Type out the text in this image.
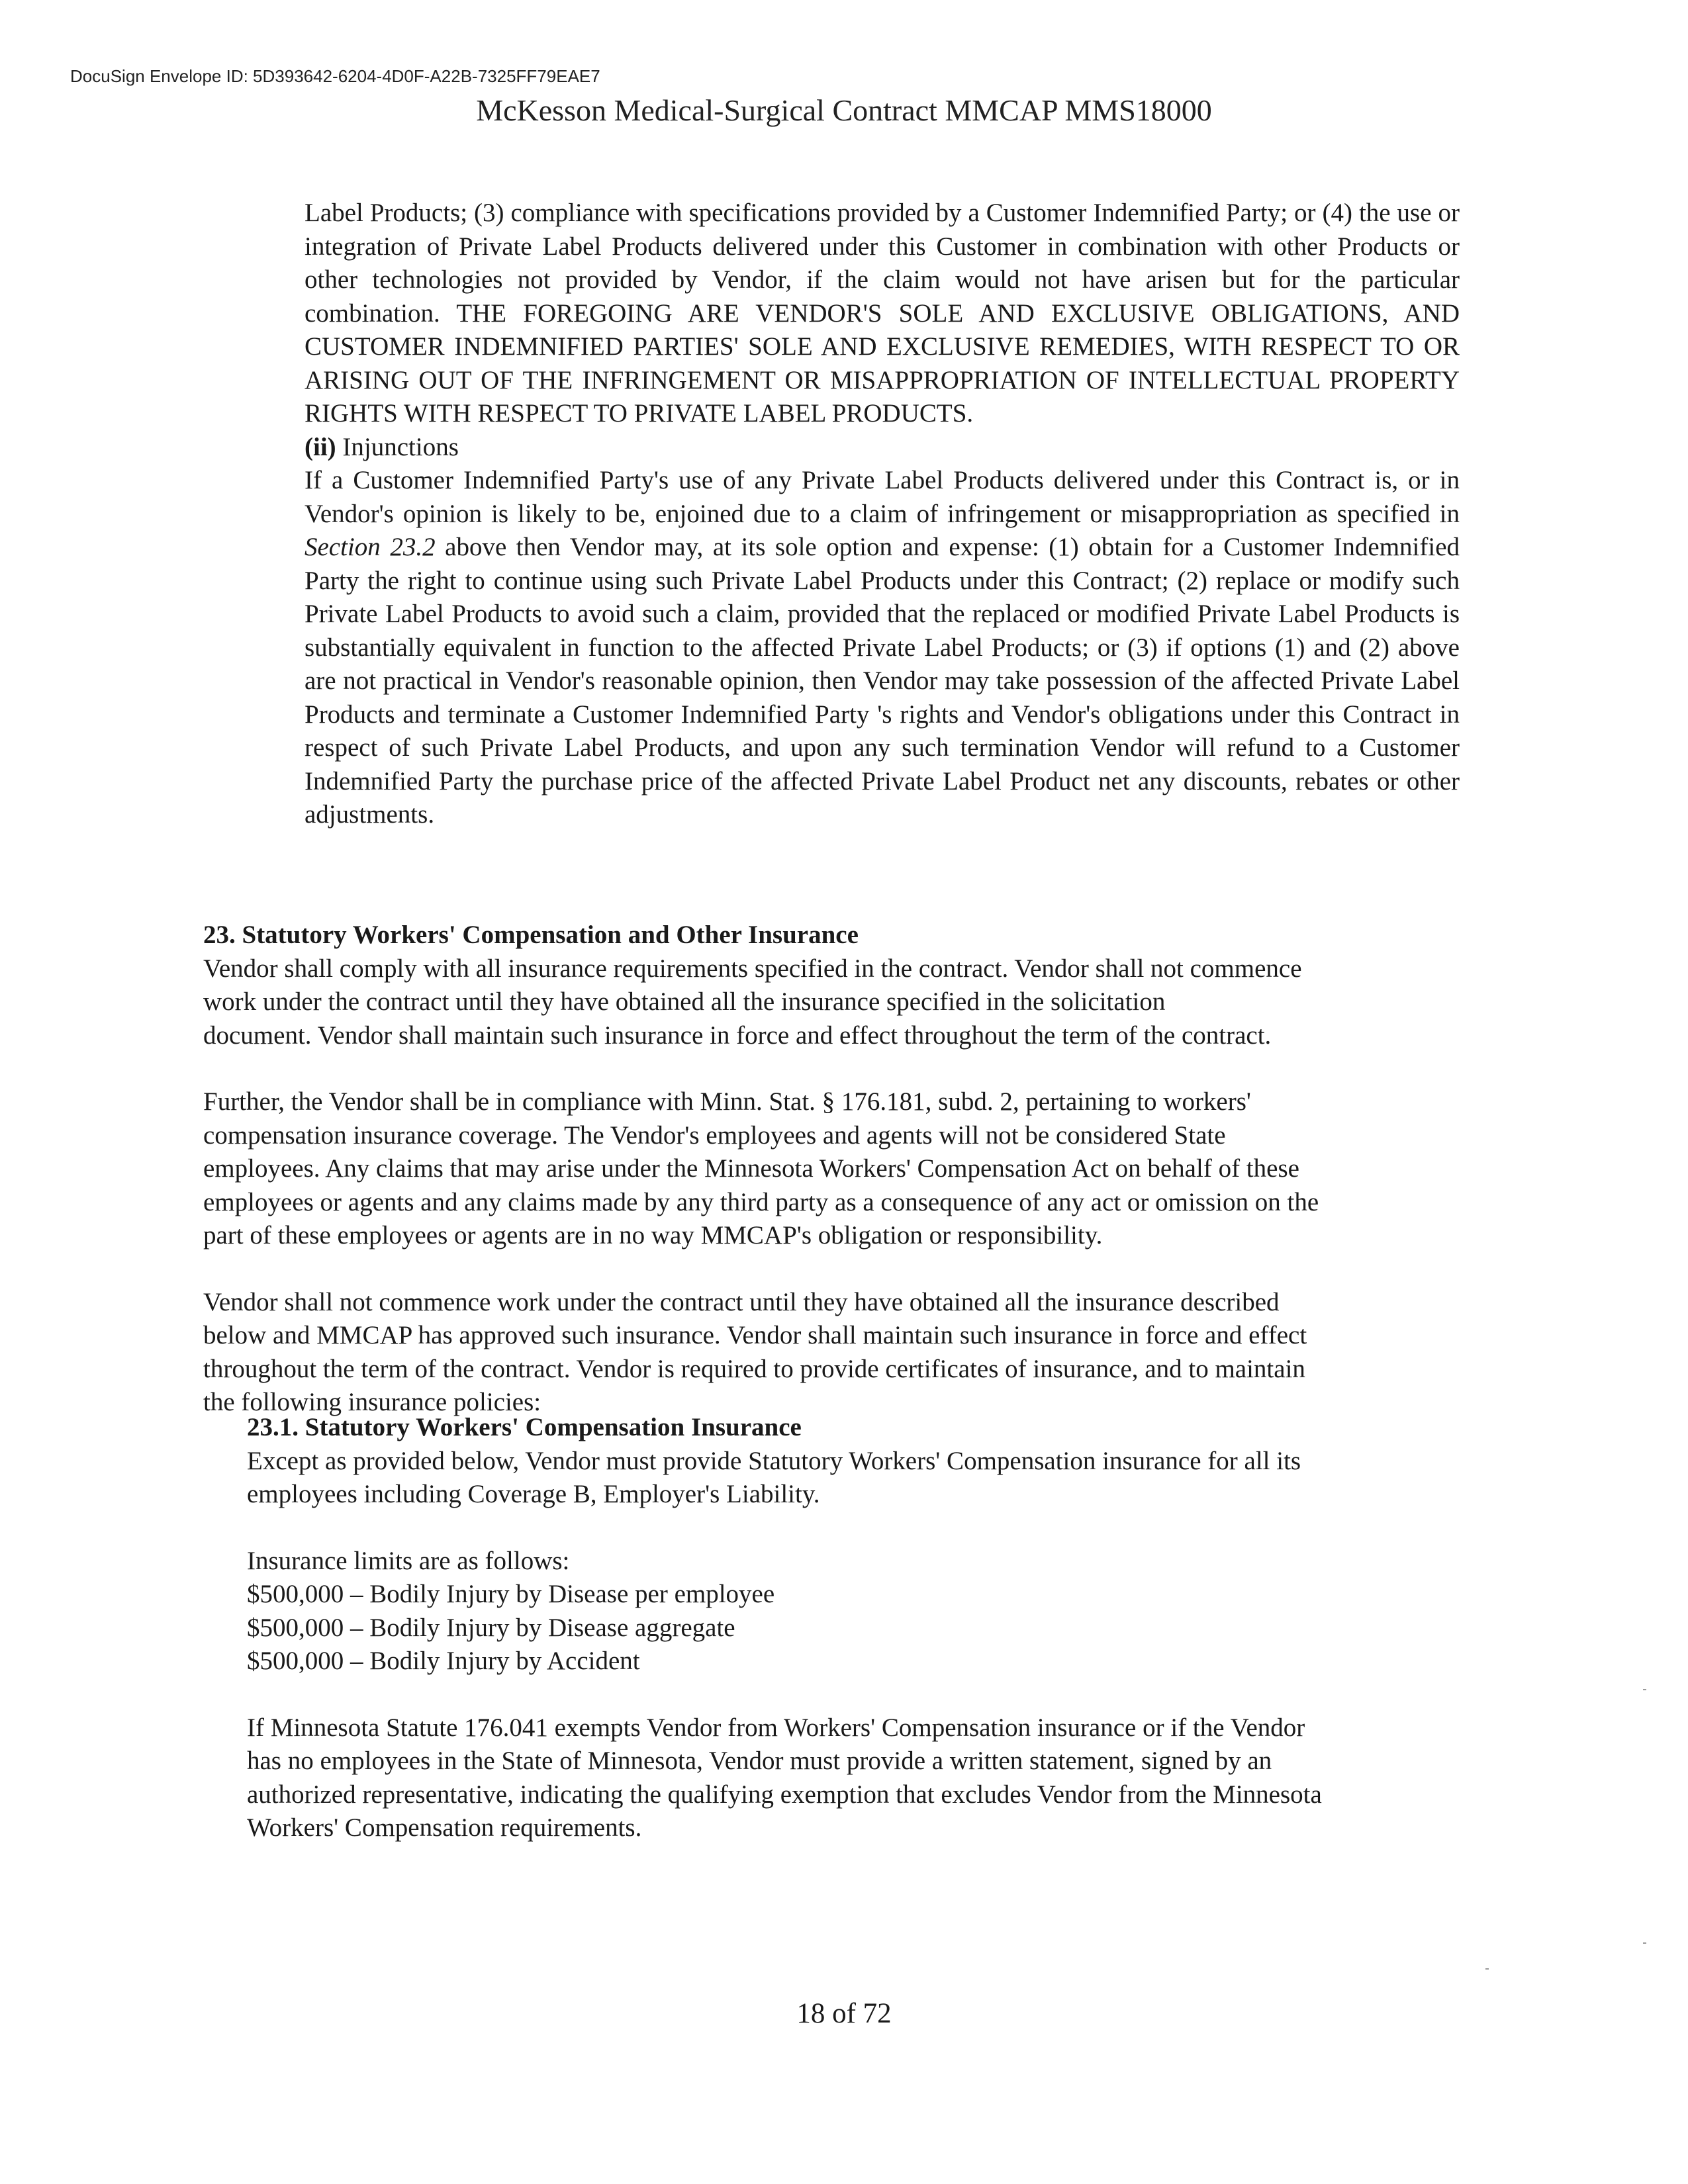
DocuSign Envelope ID: 5D393642-6204-4D0F-A22B-7325FF79EAE7
McKesson Medical-Surgical Contract MMCAP MMS18000
Label Products; (3) compliance with specifications provided by a Customer Indemnified Party; or (4) the use or integration of Private Label Products delivered under this Customer in combination with other Products or other technologies not provided by Vendor, if the claim would not have arisen but for the particular combination. THE FOREGOING ARE VENDOR'S SOLE AND EXCLUSIVE OBLIGATIONS, AND CUSTOMER INDEMNIFIED PARTIES' SOLE AND EXCLUSIVE REMEDIES, WITH RESPECT TO OR ARISING OUT OF THE INFRINGEMENT OR MISAPPROPRIATION OF INTELLECTUAL PROPERTY RIGHTS WITH RESPECT TO PRIVATE LABEL PRODUCTS.
(ii) Injunctions
If a Customer Indemnified Party's use of any Private Label Products delivered under this Contract is, or in Vendor's opinion is likely to be, enjoined due to a claim of infringement or misappropriation as specified in Section 23.2 above then Vendor may, at its sole option and expense: (1) obtain for a Customer Indemnified Party the right to continue using such Private Label Products under this Contract; (2) replace or modify such Private Label Products to avoid such a claim, provided that the replaced or modified Private Label Products is substantially equivalent in function to the affected Private Label Products; or (3) if options (1) and (2) above are not practical in Vendor's reasonable opinion, then Vendor may take possession of the affected Private Label Products and terminate a Customer Indemnified Party 's rights and Vendor's obligations under this Contract in respect of such Private Label Products, and upon any such termination Vendor will refund to a Customer Indemnified Party the purchase price of the affected Private Label Product net any discounts, rebates or other adjustments.
23. Statutory Workers' Compensation and Other Insurance
Vendor shall comply with all insurance requirements specified in the contract. Vendor shall not commence
work under the contract until they have obtained all the insurance specified in the solicitation
document. Vendor shall maintain such insurance in force and effect throughout the term of the contract.
Further, the Vendor shall be in compliance with Minn. Stat. § 176.181, subd. 2, pertaining to workers'
compensation insurance coverage. The Vendor's employees and agents will not be considered State
employees. Any claims that may arise under the Minnesota Workers' Compensation Act on behalf of these
employees or agents and any claims made by any third party as a consequence of any act or omission on the
part of these employees or agents are in no way MMCAP's obligation or responsibility.
Vendor shall not commence work under the contract until they have obtained all the insurance described
below and MMCAP has approved such insurance. Vendor shall maintain such insurance in force and effect
throughout the term of the contract. Vendor is required to provide certificates of insurance, and to maintain
the following insurance policies:
23.1. Statutory Workers' Compensation Insurance
Except as provided below, Vendor must provide Statutory Workers' Compensation insurance for all its
employees including Coverage B, Employer's Liability.
Insurance limits are as follows:
$500,000 – Bodily Injury by Disease per employee
$500,000 – Bodily Injury by Disease aggregate
$500,000 – Bodily Injury by Accident
If Minnesota Statute 176.041 exempts Vendor from Workers' Compensation insurance or if the Vendor
has no employees in the State of Minnesota, Vendor must provide a written statement, signed by an
authorized representative, indicating the qualifying exemption that excludes Vendor from the Minnesota
Workers' Compensation requirements.
18 of 72
